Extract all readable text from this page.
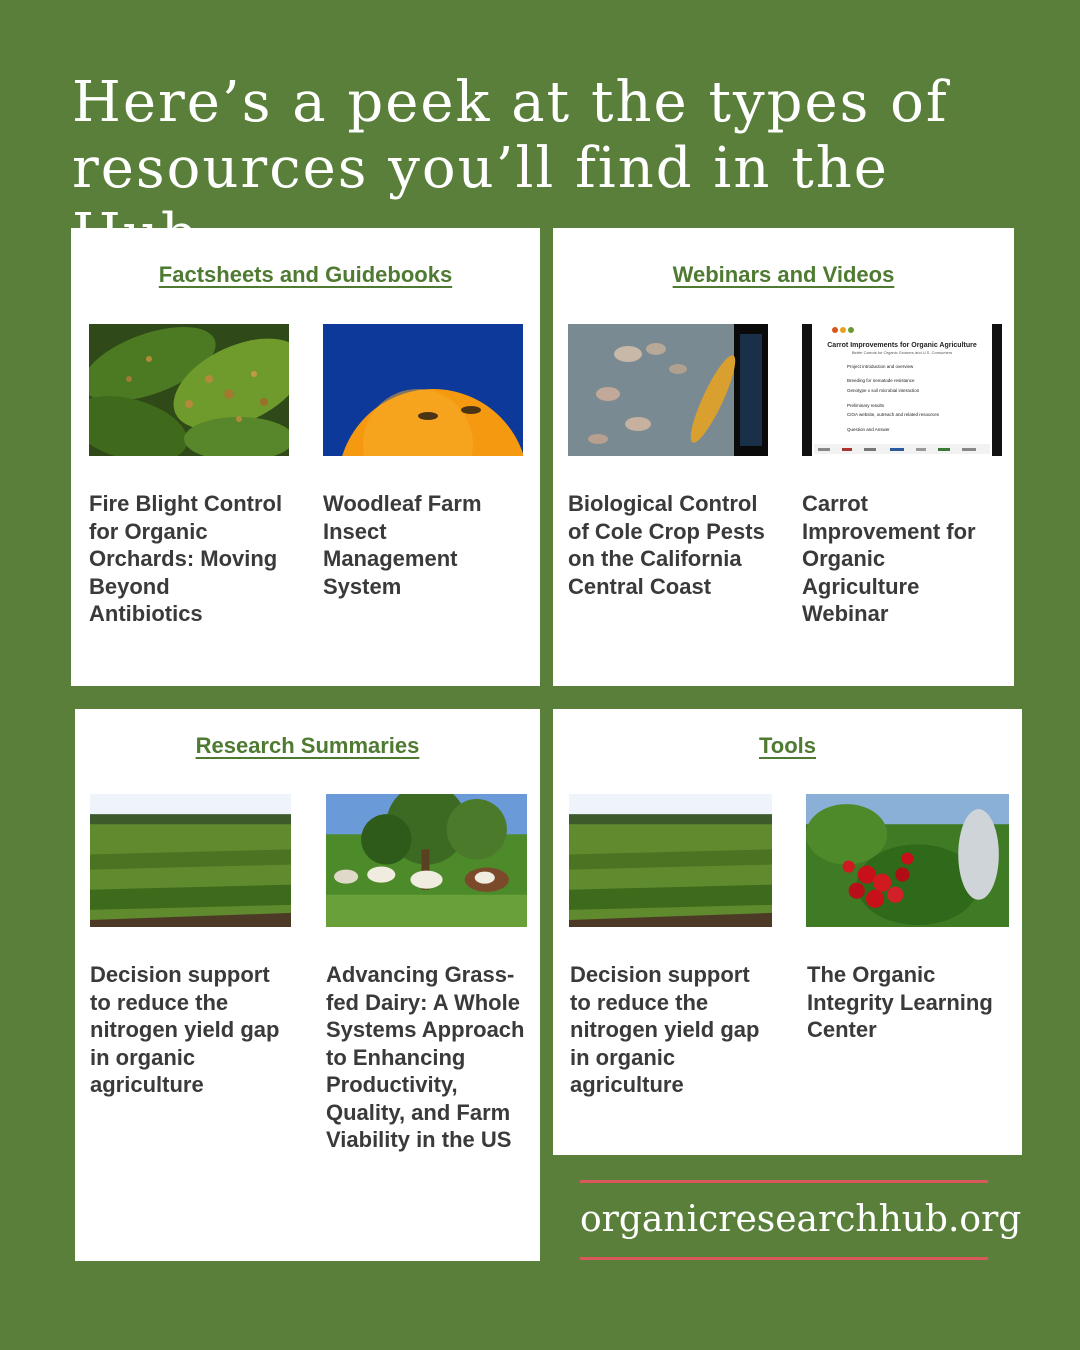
Here’s a peek at the types of resources you’ll find in the
Factsheets and Guidebooks

Fire Blight Control for Organic Orchards: Moving Beyond Antibiotics

Woodleaf Farm Insect Management System

Webinars and Videos
Carrot Improvements for Organic Agriculture
Better Carrots for Organic Growers and U.S. Consumers
Project introduction and overview
Breeding for nematode resistance
Genotype x soil microbial interaction
Preliminary results
CIOA website, outreach and related resources
Question and Answer

Biological Control of Cole Crop Pests on the California Central Coast

Carrot Improvement for Organic Agriculture Webinar

Research Summaries

Decision support to reduce the nitrogen yield gap in organic agriculture

Advancing Grass-fed Dairy: A Whole Systems Approach to Enhancing Productivity, Quality, and Farm Viability in the US

Tools

Decision support to reduce the nitrogen yield gap in organic agriculture

The Organic Integrity Learning Center

organicresearchhub.org
